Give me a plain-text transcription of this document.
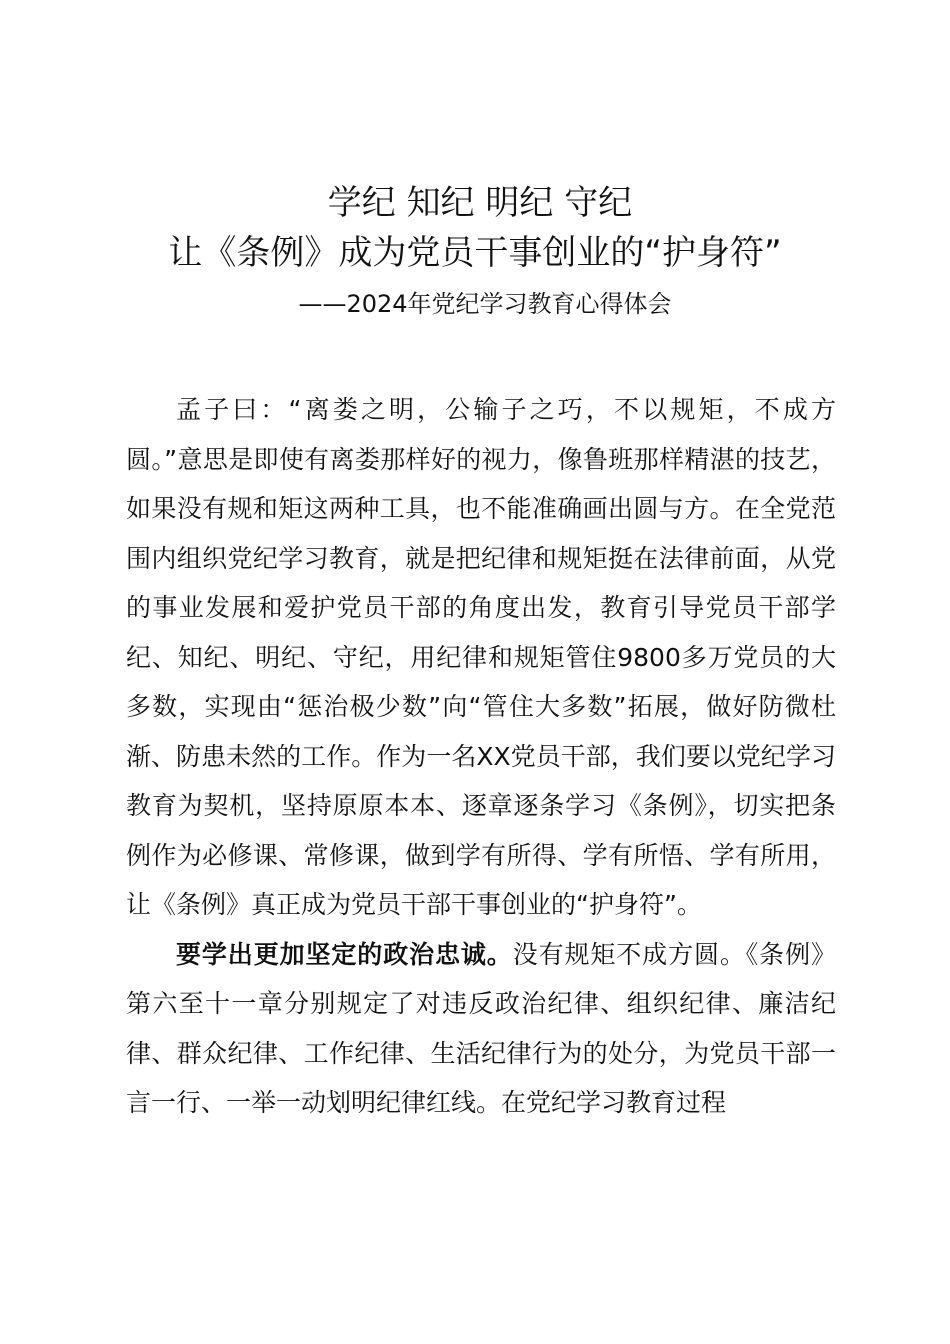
学纪 知纪 明纪 守纪
让《条例》成为党员干事创业的“护身符”
——2024年党纪学习教育心得体会

孟子曰：“离娄之明，公输子之巧，不以规矩，不成方圆。”意思是即使有离娄那样好的视力，像鲁班那样精湛的技艺，如果没有规和矩这两种工具，也不能准确画出圆与方。在全党范围内组织党纪学习教育，就是把纪律和规矩挺在法律前面，从党的事业发展和爱护党员干部的角度出发，教育引导党员干部学纪、知纪、明纪、守纪，用纪律和规矩管住9800多万党员的大多数，实现由“惩治极少数”向“管住大多数”拓展，做好防微杜渐、防患未然的工作。作为一名XX党员干部，我们要以党纪学习教育为契机，坚持原原本本、逐章逐条学习《条例》，切实把条例作为必修课、常修课，做到学有所得、学有所悟、学有所用，让《条例》真正成为党员干部干事创业的“护身符”。

要学出更加坚定的政治忠诚。没有规矩不成方圆。《条例》第六至十一章分别规定了对违反政治纪律、组织纪律、廉洁纪律、群众纪律、工作纪律、生活纪律行为的处分，为党员干部一言一行、一举一动划明纪律红线。在党纪学习教育过程
